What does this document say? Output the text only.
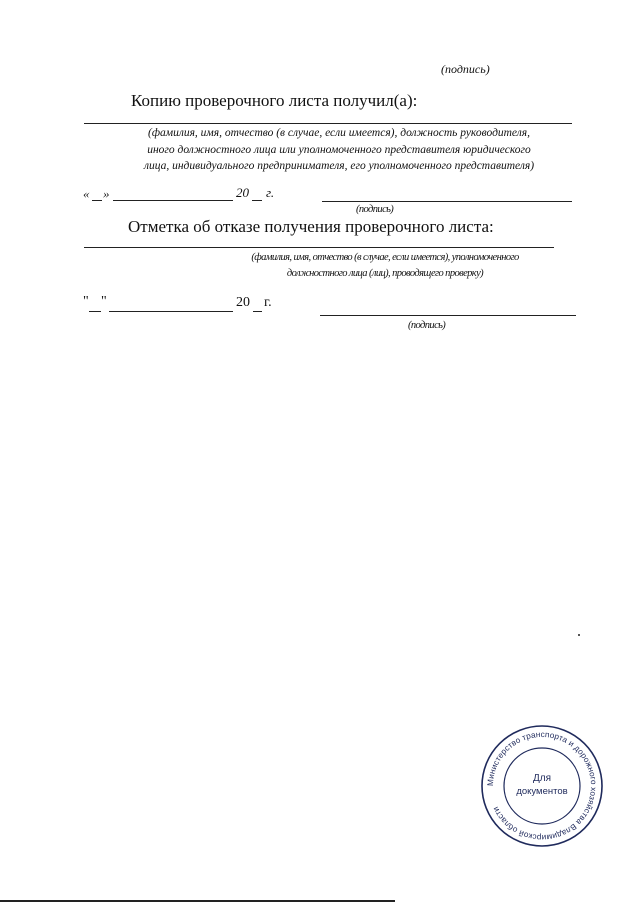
(подпись)
Копию проверочного листа получил(а):
(фамилия, имя, отчество (в случае, если имеется), должность руководителя,
иного должностного лица или уполномоченного представителя юридического
лица, индивидуального предпринимателя, его уполномоченного представителя)
« »	20 г.
(подпись)
Отметка об отказе получения проверочного листа:
(фамилия, имя, отчество (в случае, если имеется), уполномоченного
должностного лица (лиц), проводящего проверку)
" "	20 г.
(подпись)
Министерство транспорта и дорожного хозяйства Владимирской области
Для
документов
